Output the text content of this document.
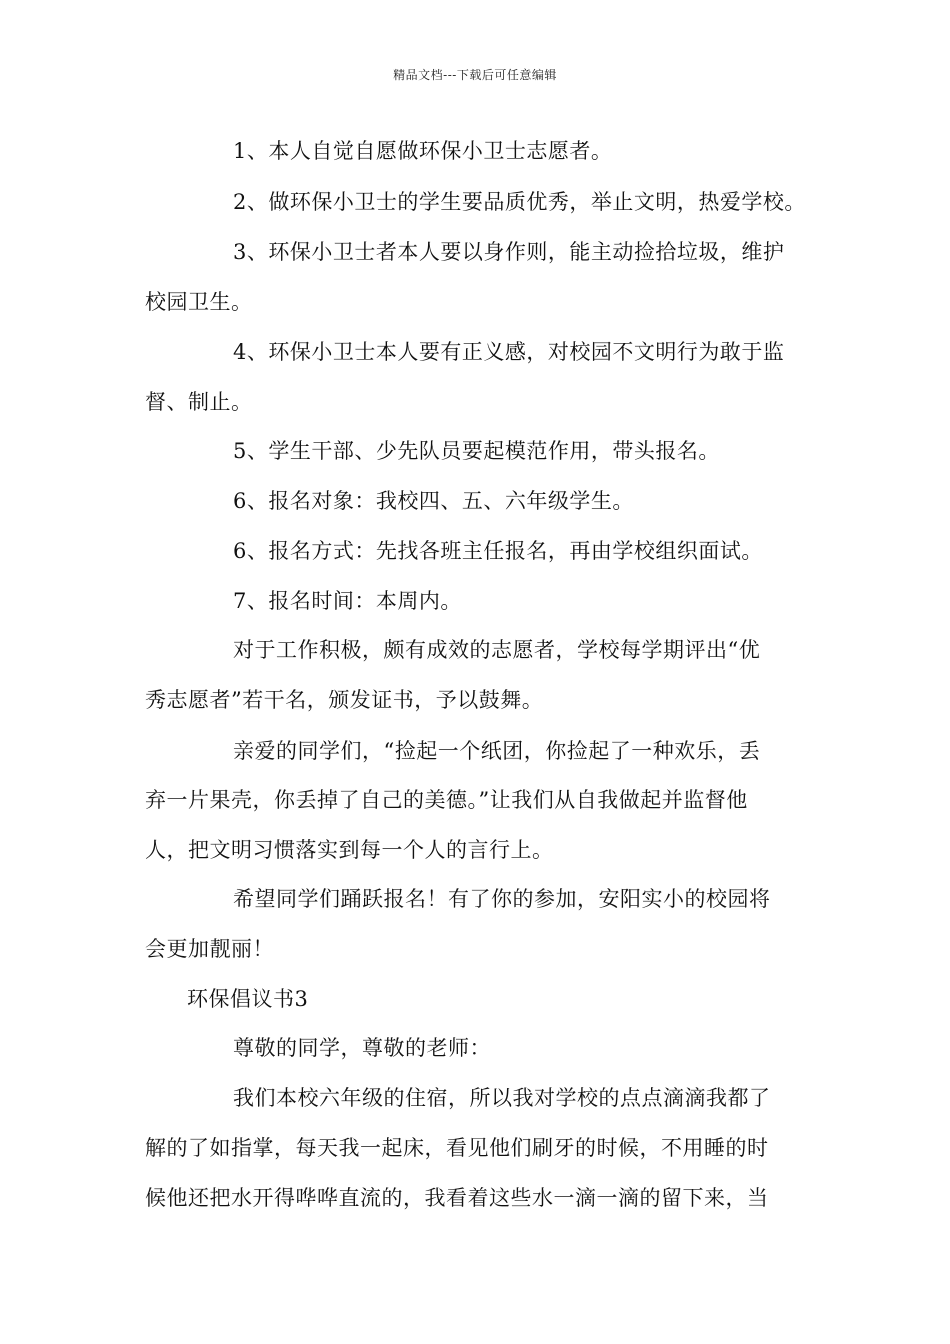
精品文档---下载后可任意编辑
1、本人自觉自愿做环保小卫士志愿者。
2、做环保小卫士的学生要品质优秀，举止文明，热爱学校。
3、环保小卫士者本人要以身作则，能主动捡拾垃圾，维护
校园卫生。
4、环保小卫士本人要有正义感，对校园不文明行为敢于监
督、制止。
5、学生干部、少先队员要起模范作用，带头报名。
6、报名对象：我校四、五、六年级学生。
6、报名方式：先找各班主任报名，再由学校组织面试。
7、报名时间：本周内。
对于工作积极，颇有成效的志愿者，学校每学期评出“优
秀志愿者”若干名，颁发证书，予以鼓舞。
亲爱的同学们，“捡起一个纸团，你捡起了一种欢乐，丢
弃一片果壳，你丢掉了自己的美德。”让我们从自我做起并监督他
人，把文明习惯落实到每一个人的言行上。
希望同学们踊跃报名！有了你的参加，安阳实小的校园将
会更加靓丽！
环保倡议书3
尊敬的同学，尊敬的老师：
我们本校六年级的住宿，所以我对学校的点点滴滴我都了
解的了如指掌，每天我一起床，看见他们刷牙的时候，不用睡的时
候他还把水开得哗哗直流的，我看着这些水一滴一滴的留下来，当
